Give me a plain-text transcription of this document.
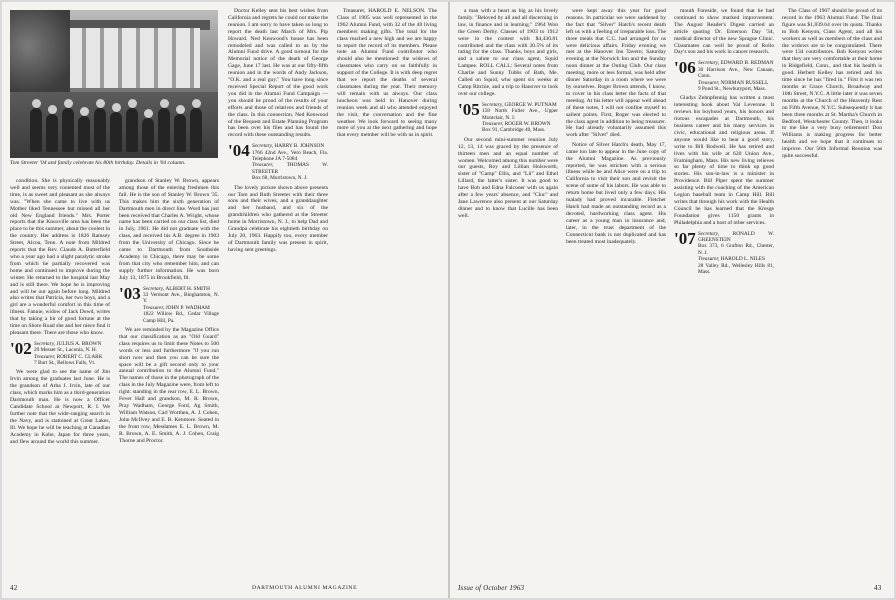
Tom Streeter '04 and family celebrate his 80th birthday. Details in '04 column.

condition. She is physically reasonably well and seems very contented most of the time, is as sweet and pleasant as she always was. "When she came to live with us Mother liked Tennessee but missed all her old New England friends." Mrs. Porter reports that the Knoxville area has been the place to be this summer, about the coolest in the country. Her address is 1826 Ramsey Street, Alcoa, Tenn. A note from Mildred reports that the Rev. Claude A. Butterfield who a year ago had a slight paralytic stroke from which he partially recovered was home and continued to improve during the winter. He returned to the hospital last May and is still there. We hope he is improving and will be out again before long. Mildred also writes that Patricia, her two boys, and a girl are a wonderful comfort in this time of illness. Fannie, widow of Jack Dowd, writes that by taking a bit of good fortune at the time on Shore Road she and her niece find it pleasant there. There are those who know.

'02 Secretary, JULIUS A. BROWN
29 Messer St., Laconia, N. H.
Treasurer, ROBERT C. CLARK
7 Burt St., Bellows Falls, Vt.

We were glad to see the name of Jim Irvin among the graduates last June. He is the grandson of Arba J. Irvin, late of our class, which marks him as a third-generation Dartmouth man. He is now a Officer Candidate School at Newport, R. I. We further note that the wide-ranging search in the Navy, and is stationed at Great Lakes, Ill. We hope he will be teaching at Canadian Academy in Kobe, Japan for three years, and flew around the world this summer.

grandson of Stanley W. Brown, appears among those of the entering freshmen this fall. He is the son of Stanley W. Brown '35. This makes him the sixth generation of Dartmouth men in direct line. Word has just been received that Charles A. Wright, whose name has been carried on our class list, died in July, 1961. He did not graduate with the class, and received his A.B. degree in 1903 from the University of Chicago. Since he came to Dartmouth from Southside Academy in Chicago, there may be some from that city who remember him, and can supply further information. He was born July 13, 1875 in Brookfield, Ill.

'03 Secretary, ALBERT H. SMITH
33 Vermont Ave., Binghamton, N. Y.
Treasurer, JOHN P. WADHAM
1822 Willow Rd., Cedar Village Camp Hill, Pa.

We are reminded by the Magazine Office that our classification as an "Old Guard" class requires us to limit these Notes to 500 words or less and furthermore "if you run short now and then you can be sure the space will be a gift second only to your annual contribution to the Alumni Fund." The names of those in the photograph of the class in the July Magazine were, from left to right: standing in the rear row, E. L. Brown, Fever Hall and grandson, M. R. Brown, Pray Wadham, George Ford, Ag Smith, William Watson, Carl Worthen, A. J. Cohen, John McIlvey and E. B. Kenmore. Seated in the front row, Mesdames E. L. Brown, M. R. Brown, A. E. Smith, A. J. Cohen, Craig Thorne and Proctor.

Doctor Kelley sent his best wishes from California and regrets he could not make the reunion. I am sorry to have taken so long to report the death last March of Mrs. Pip Howard. Ned Kenwood's house has been remodeled and was called to us by the Alumni Fund drive. A good turnout for the Memorial notice of the death of George Gage, June 17 last. He was at our fifty-fifth reunion and in the words of Andy Jackson, "O.K. and a real guy." You have long since received Special Report of the good work you did in the Alumni Fund Campaign — you should be proud of the results of your efforts and those of relatives and friends of the class. In this connection, Ned Kenwood of the Bequest and Estate Planning Program has been over his files and has found the record with these outstanding results.

'04 Secretary, HARRY B. JOHNSON
1766 42nd Ave., Vero Beach, Fla. Telephone JA 7-5084
Treasurer, THOMAS W. STREETER
Box 68, Morristown, N. J.

The lovely picture shown above presents our Tom and Ruth Streeter with their three sons and their wives, and a granddaughter and her husband, and six of the grandchildren who gathered at the Streeter home in Morristown, N. J., to help Dad and Grandpa celebrate his eightieth birthday on July 20, 1963. Happily too, every member of Dartmouth family was present in spirit, having sent greetings.

Treasurer, HAROLD E. NELSON. The Class of 1905 was well represented in the 1962 Alumni Fund, with 32 of the 40 living members making gifts. The total for the class reached a new high and we are happy to report the record of its members. Please note an Alumni Fund contributor who should also be mentioned: the widows of classmates who carry on so faithfully in support of the College. It is with deep regret that we report the deaths of several classmates during the year. Their memory will remain with us always. Our class luncheon was held in Hanover during reunion week and all who attended enjoyed the visit, the conversation and the fine weather. We look forward to seeing many more of you at the next gathering and hope that every member will be with us in spirit.

42	DARTMOUTH ALUMNI MAGAZINE

a man with a heart as big as his lovely family. "Beloved by all and all discerning in law, in finance and in learning." 1964 Won the Green Derby. Classes of 1903 to 1912 were in the contest with $4,430.81 contributed and the class with 30.5% of its rating for the class. Thanks, boys and girls, and a salute to our class agent, Squid Lampee. ROLL CALL: Several notes from Charlie and Sunny Tubbs of Bath, Me. Called on Squid, who spent six weeks at Camp Ritchie, and a trip to Hanover to look over our college.

'05 Secretary, GEORGE W. PUTNAM
158 North Fuller Ave., Upper Montclair, N. J.
Treasurer, ROGER W. BROWN
Box 91, Cambridge 40, Mass.

Our second mini-summer reunion July 12, 13, 14 was graced by the presence of thirteen men and an equal number of women. Welcomed among this number were our guests, Roy and Lillian Holsworth, sister of "Camp" Ellis, and "Lil" and Ethel Lillard, the latter's sister. It was good to have Bob and Edna Falconer with us again after a few years' absence, and "Cluc" and Jane Lawrence also present at our Saturday dinner and to know that Lucille has been well.

were kept away this year for good reasons. In particular we were saddened by the fact that "Silver" Hatch's recent death left us with a feeling of irreparable loss. The three meals that C.C. had arranged for us were delicious affairs. Friday evening we met at the Hanover Inn Tavern; Saturday evening at the Norwich Inn and the Sunday noon dinner at the Outing Club. Our class meeting, more or less formal, was held after dinner Saturday in a room where we were by ourselves. Roger Brown attends, I know, to cover in his class letter the facts of that meeting. At his letter will appear well ahead of these notes, I will not confine myself to salient points. First, Roger was elected to the class agent in addition to being treasurer. He had already voluntarily assumed this work after "Silver" died.

Notice of Silver Hatch's death, May 17, came too late to appear in the June copy of the Alumni Magazine. As previously reported, he was stricken with a serious illness while he and Alice were on a trip to California to visit their son and revisit the scene of some of his labors. He was able to return home but lived only a few days. His malady had proved incurable. Fletcher Hatch had made an outstanding record as a devoted, hardworking class agent. His career as a young man in insurance and, later, in the trust department of the Connecticut bank is not duplicated and has been treated most inadequately.

mouth Foreside, we found that he had continued to show marked improvement. The August Reader's Digest carried an article quoting Dr. Emerson Day '34, medical director of the new Sprague Clinic. Classmates can well be proud of Rollo Day's son and his work in cancer research.

'06 Secretary, EDWARD B. REDMAN
30 Harrison Ave., New Canaan, Conn.
Treasurer, NORMAN RUSSELL
9 Pond St., Newburyport, Mass.

Gladys Zehnpfennig has written a most interesting book about Val Leverone. It reviews his boyhood years, his honors and riotous escapades at Dartmouth, his business career and his many services in civic, educational and religious areas. If anyone would like to hear a good story, write to Bill Bodwell. He has retired and lives with his wife at 620 Union Ave., Framingham, Mass. His new living relieves so far plenty of time to think up good stories. His son-in-law is a minister in Providence. Bill Piper spent the summer assisting with the coaching of the American Legion baseball team in Camp Hill. Bill writes that through his work with the Health Council he has learned that the Kresge Foundation gives 1150 grants in Philadelphia and a host of other services.

'07 Secretary, RONALD W. GREENSTEIN
Box 373, 6 Grafton Rd., Chester, N. J.
Treasurer, HAROLD L. NILES
28 Valley Rd., Wellesley Hills 81, Mass.

The Class of 1907 should be proud of its record in the 1963 Alumni Fund. The final figure was $1,839.64 over its quota. Thanks to Bob Kenyon, Class Agent, and all his workers as well as members of the class and the widows are to be congratulated. There were 134 contributors. Bob Kenyon writes that they are very comfortable at their home in Ridgefield, Conn., and that his health is good. Herbert Kelley has retired and his time since he has "fired in." First it was ten months at Grace Church, Broadway and 10th Street, N.Y.C. A little later it was seven months at the Church of the Heavenly Rest on Fifth Avenue, N.Y.C. Subsequently it has been three months at St. Martha's Church in Bedford, Westchester County. Then, it looks to me like a very busy retirement! Don Williams is making progress for better health and we hope that it continues to improve. Our 56th Informal Reunion was quite successful.

Issue of October 1963	43
